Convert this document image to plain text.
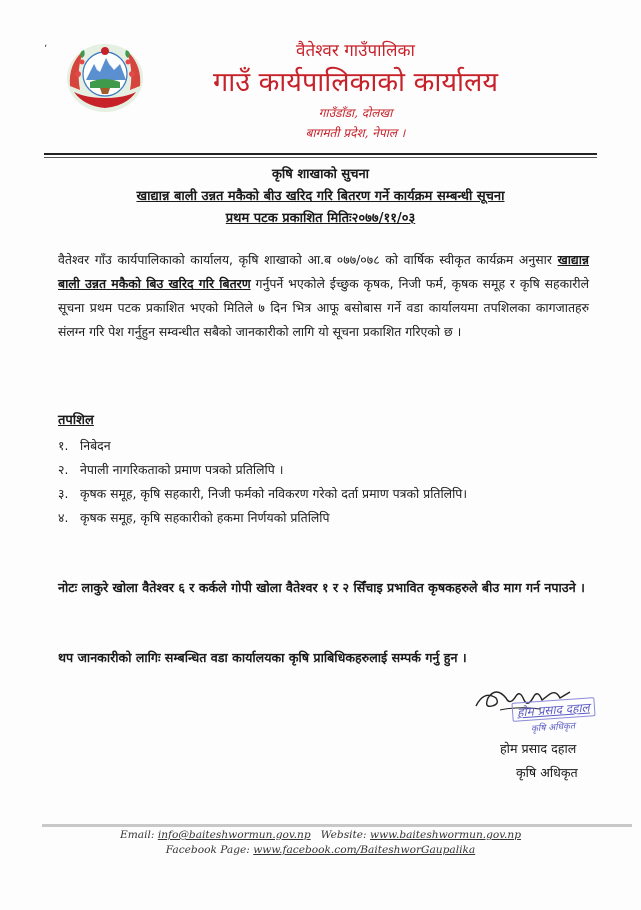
ʼ	वैतेश्वर गाउँपालिका
गाउँ कार्यपालिकाको कार्यालय
गाउँडाँडा, दोलखा
बागमती प्रदेश, नेपाल ।
कृषि शाखाको सुचना
खाद्यान्न बाली उन्नत मकैको बीउ खरिद गरि बितरण गर्ने कार्यक्रम सम्बन्धी सूचना
प्रथम पटक प्रकाशित मितिः२०७७/११/०३
वैतेश्वर गाँउ कार्यपालिकाको कार्यालय, कृषि शाखाको आ.ब ०७७/०७८ को वार्षिक स्वीकृत कार्यक्रम अनुसार खाद्यान्न बाली उन्नत मकैको बिउ खरिद गरि बितरण गर्नुपर्ने भएकोले ईच्छुक कृषक, निजी फर्म, कृषक समूह र कृषि सहकारीले सूचना प्रथम पटक प्रकाशित भएको मितिले ७ दिन भित्र आफू बसोबास गर्ने वडा कार्यालयमा तपशिलका कागजातहरु संलग्न गरि पेश गर्नुहुन सम्वन्धीत सबैको जानकारीको लागि यो सूचना प्रकाशित गरिएको छ ।
तपशिल
१. निबेदन
२. नेपाली नागरिकताको प्रमाण पत्रको प्रतिलिपि ।
३. कृषक समूह, कृषि सहकारी, निजी फर्मको नविकरण गरेको दर्ता प्रमाण पत्रको प्रतिलिपि।
४. कृषक समूह, कृषि सहकारीको हकमा निर्णयको प्रतिलिपि
नोटः लाकुरे खोला वैतेश्वर ६ र कर्कले गोपी खोला वैतेश्वर १ र २ सिँचाइ प्रभावित कृषकहरुले बीउ माग गर्न नपाउने ।
थप जानकारीको लागिः सम्बन्धित वडा कार्यालयका कृषि प्राबिधिकहरुलाई सम्पर्क गर्नु हुन ।
होम प्रसाद दहाल
कृषि अधिकृत
होम प्रसाद दहाल
कृषि अधिकृत
Email: info@baiteshwormun.gov.np Website: www.baiteshwormun.gov.np
Facebook Page: www.facebook.com/BaiteshworGaupalika
